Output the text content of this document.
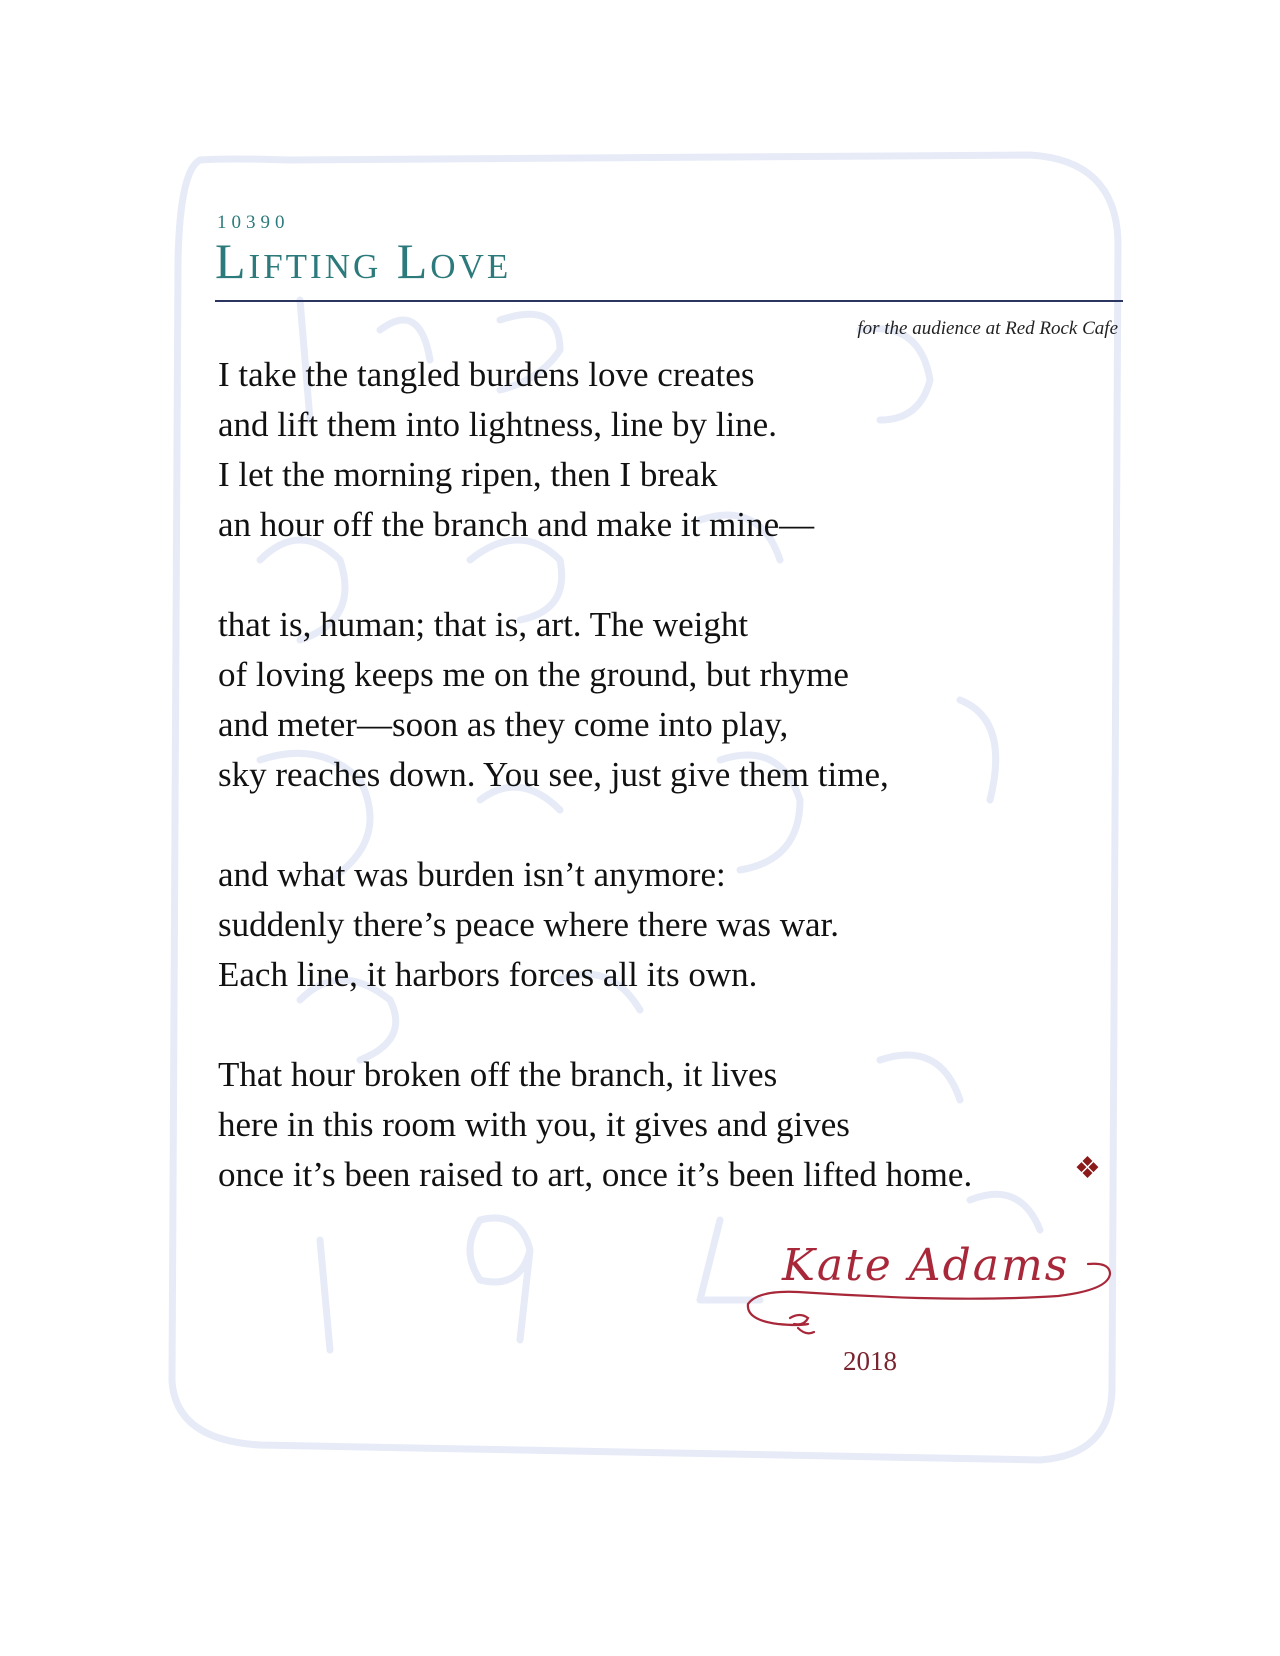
10390
Lifting Love
for the audience at Red Rock Cafe
I take the tangled burdens love creates
and lift them into lightness, line by line.
I let the morning ripen, then I break
an hour off the branch and make it mine—
that is, human; that is, art. The weight
of loving keeps me on the ground, but rhyme
and meter—soon as they come into play,
sky reaches down. You see, just give them time,
and what was burden isn’t anymore:
suddenly there’s peace where there was war.
Each line, it harbors forces all its own.
That hour broken off the branch, it lives
here in this room with you, it gives and gives
once it’s been raised to art, once it’s been lifted home.	❖
Kate Adams
2018
